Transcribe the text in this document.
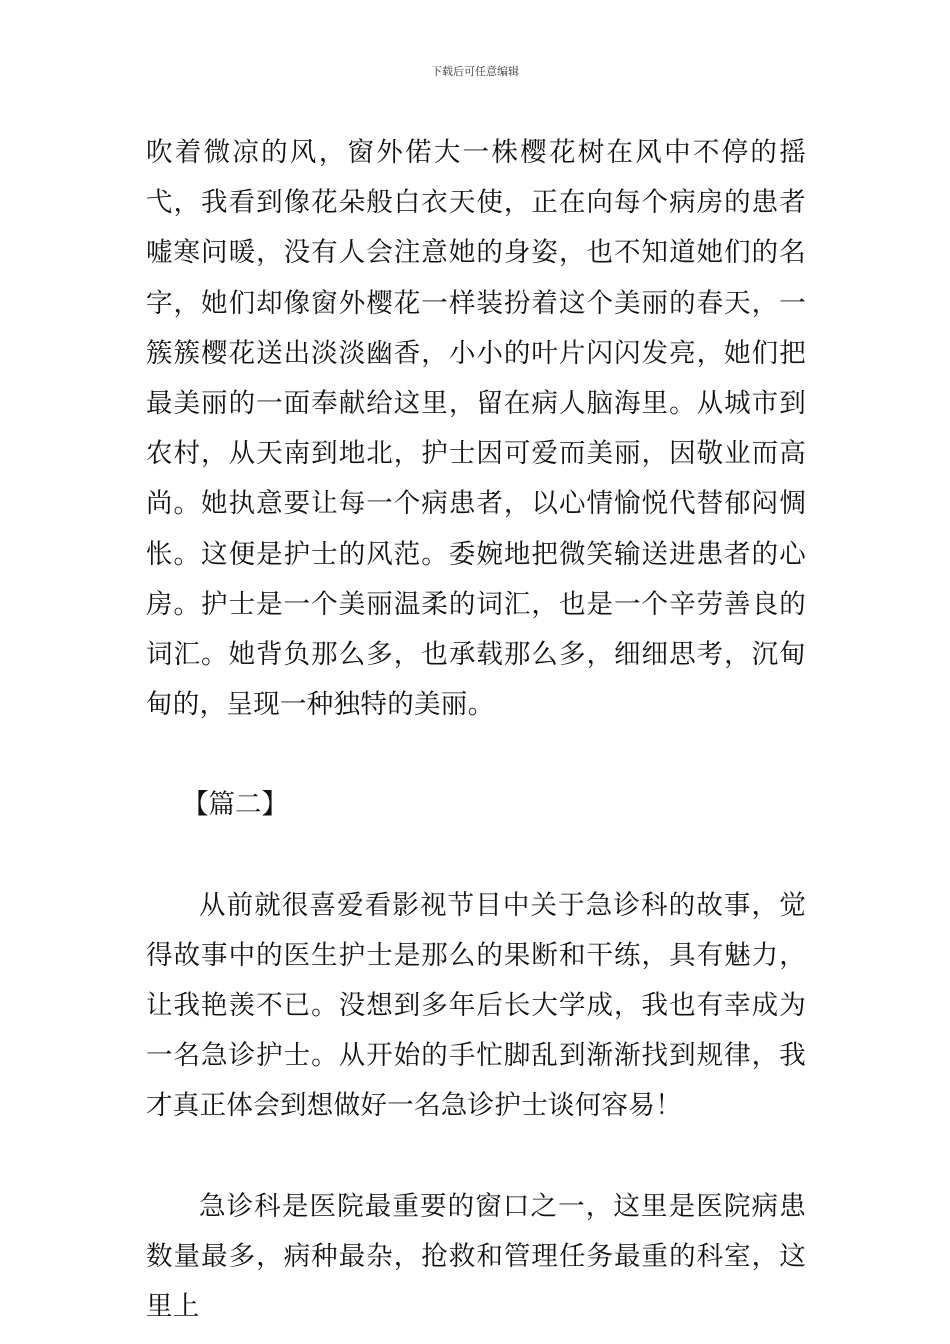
下载后可任意编辑

吹着微凉的风，窗外偌大一株樱花树在风中不停的摇弋，我看到像花朵般白衣天使，正在向每个病房的患者嘘寒问暖，没有人会注意她的身姿，也不知道她们的名字，她们却像窗外樱花一样装扮着这个美丽的春天，一簇簇樱花送出淡淡幽香，小小的叶片闪闪发亮，她们把最美丽的一面奉献给这里，留在病人脑海里。从城市到农村，从天南到地北，护士因可爱而美丽，因敬业而高尚。她执意要让每一个病患者，以心情愉悦代替郁闷惆怅。这便是护士的风范。委婉地把微笑输送进患者的心房。护士是一个美丽温柔的词汇，也是一个辛劳善良的词汇。她背负那么多，也承载那么多，细细思考，沉甸甸的，呈现一种独特的美丽。

【篇二】

从前就很喜爱看影视节目中关于急诊科的故事，觉得故事中的医生护士是那么的果断和干练，具有魅力，让我艳羡不已。没想到多年后长大学成，我也有幸成为一名急诊护士。从开始的手忙脚乱到渐渐找到规律，我才真正体会到想做好一名急诊护士谈何容易！

急诊科是医院最重要的窗口之一，这里是医院病患数量最多，病种最杂，抢救和管理任务最重的科室，这里上
